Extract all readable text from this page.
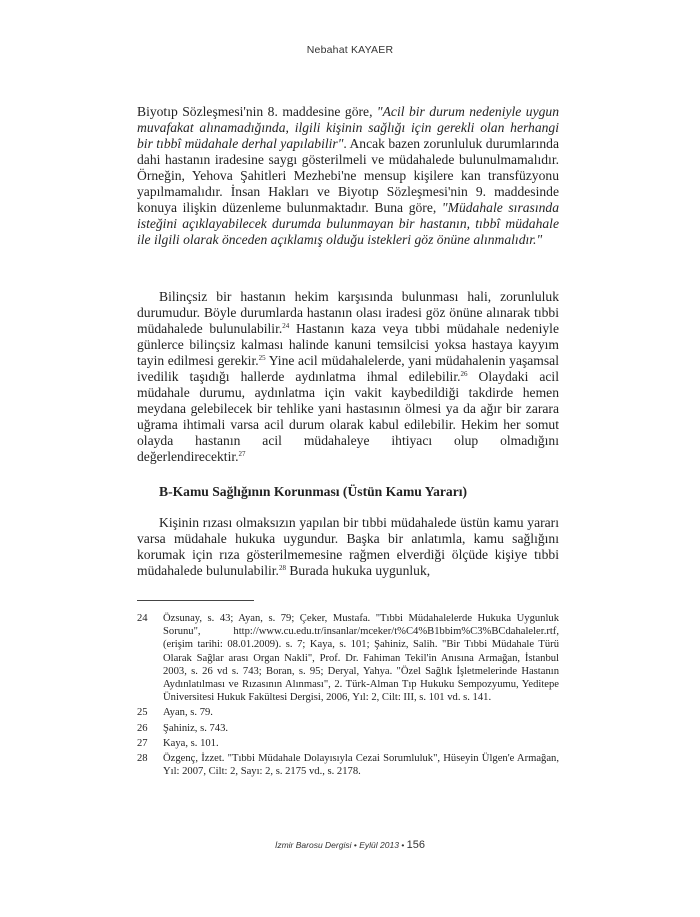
Nebahat KAYAER

Biyotıp Sözleşmesi'nin 8. maddesine göre, "Acil bir durum nedeniyle uygun muvafakat alınamadığında, ilgili kişinin sağlığı için gerekli olan herhangi bir tıbbî müdahale derhal yapılabilir". Ancak bazen zorunluluk durumlarında dahi hastanın iradesine saygı gösterilmeli ve müdahalede bulunulmamalıdır. Örneğin, Yehova Şahitleri Mezhebi'ne mensup kişilere kan transfüzyonu yapılmamalıdır. İnsan Hakları ve Biyotıp Sözleşmesi'nin 9. maddesinde konuya ilişkin düzenleme bulunmaktadır. Buna göre, "Müdahale sırasında isteğini açıklayabilecek durumda bulunmayan bir hastanın, tıbbî müdahale ile ilgili olarak önceden açıklamış olduğu istekleri göz önüne alınmalıdır."

Bilinçsiz bir hastanın hekim karşısında bulunması hali, zorunluluk durumudur. Böyle durumlarda hastanın olası iradesi göz önüne alınarak tıbbi müdahalede bulunulabilir.$^{24}$ Hastanın kaza veya tıbbi müdahale nedeniyle günlerce bilinçsiz kalması halinde kanuni temsilcisi yoksa hastaya kayyım tayin edilmesi gerekir.$^{25}$ Yine acil müdahalelerde, yani müdahalenin yaşamsal ivedilik taşıdığı hallerde aydınlatma ihmal edilebilir.$^{26}$ Olaydaki acil müdahale durumu, aydınlatma için vakit kaybedildiği takdirde hemen meydana gelebilecek bir tehlike yani hastasının ölmesi ya da ağır bir zarara uğrama ihtimali varsa acil durum olarak kabul edilebilir. Hekim her somut olayda hastanın acil müdahaleye ihtiyacı olup olmadığını değerlendirecektir.$^{27}$

B-Kamu Sağlığının Korunması (Üstün Kamu Yararı)

Kişinin rızası olmaksızın yapılan bir tıbbi müdahalede üstün kamu yararı varsa müdahale hukuka uygundur. Başka bir anlatımla, kamu sağlığını korumak için rıza gösterilmemesine rağmen elverdiği ölçüde kişiye tıbbi müdahalede bulunulabilir.$^{28}$ Burada hukuka uygunluk,

24	Özsunay, s. 43; Ayan, s. 79; Çeker, Mustafa. "Tıbbi Müdahalelerde Hukuka Uygunluk Sorunu", http://www.cu.edu.tr/insanlar/mceker/t%C4%B1bbim%C3%BCdahaleler.rtf, (erişim tarihi: 08.01.2009). s. 7; Kaya, s. 101; Şahiniz, Salih. "Bir Tıbbi Müdahale Türü Olarak Sağlar arası Organ Nakli", Prof. Dr. Fahiman Tekil'in Anısına Armağan, İstanbul 2003, s. 26 vd s. 743; Boran, s. 95; Deryal, Yahya. "Özel Sağlık İşletmelerinde Hastanın Aydınlatılması ve Rızasının Alınması", 2. Türk-Alman Tıp Hukuku Sempozyumu, Yeditepe Üniversitesi Hukuk Fakültesi Dergisi, 2006, Yıl: 2, Cilt: III, s. 101 vd. s. 141.
25	Ayan, s. 79.
26	Şahiniz, s. 743.
27	Kaya, s. 101.
28	Özgenç, İzzet. "Tıbbi Müdahale Dolayısıyla Cezai Sorumluluk", Hüseyin Ülgen'e Armağan, Yıl: 2007, Cilt: 2, Sayı: 2, s. 2175 vd., s. 2178.
İzmir Barosu Dergisi • Eylül 2013 • 156
